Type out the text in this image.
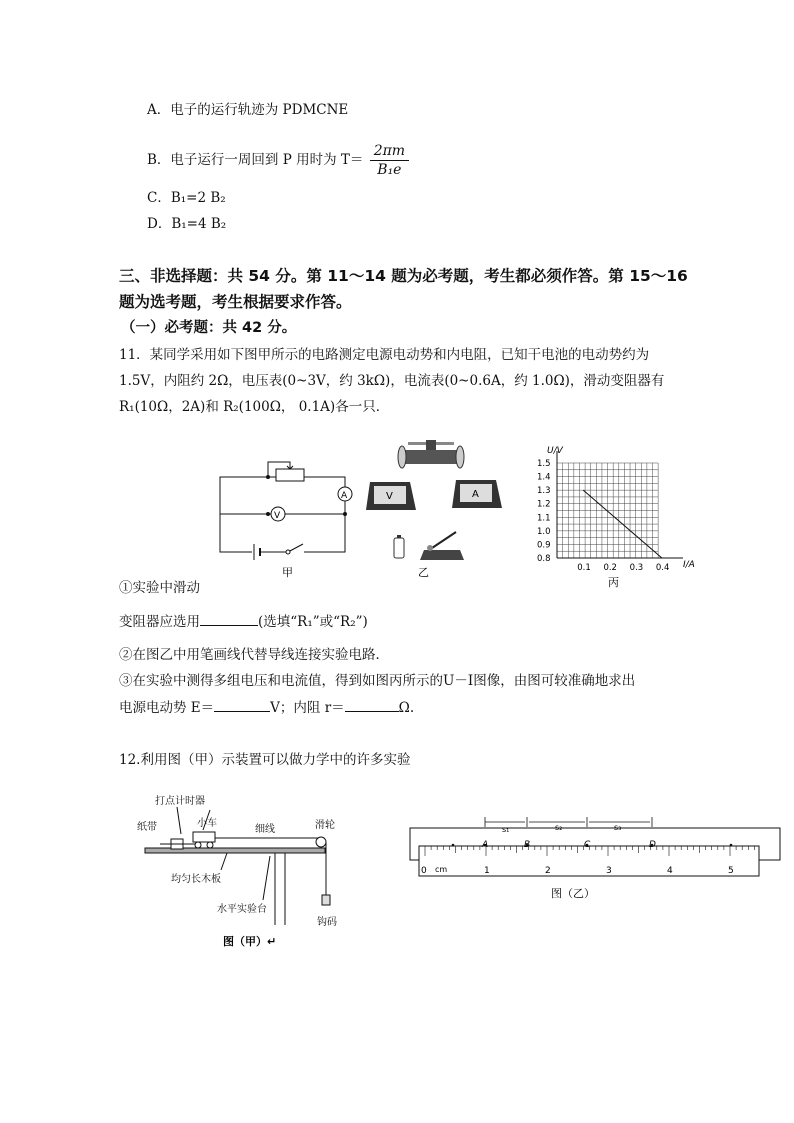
A．电子的运行轨迹为 PDMCNE
B．电子运行一周回到 P 用时为 $T= \frac{2\pi m}{\text{B₁e}}$
C．B₁=2 B₂
D．B₁=4 B₂
三、非选择题：共 54 分。第 11～14 题为必考题，考生都必须作答。第 15～16
题为选考题，考生根据要求作答。
（一）必考题：共 42 分。
11．某同学采用如下图甲所示的电路测定电源电动势和内电阻，已知干电池的电动势约为
1.5V，内阻约 2Ω，电压表(0~3V，约 3kΩ)，电流表(0~0.6A，约 1.0Ω)，滑动变阻器有
R₁(10Ω，2A)和 R₂(100Ω， 0.1A)各一只．
A
V
甲
V	A
乙
1.5
1.4
1.3
1.2
1.1
1.0
0.9
0.8
0.1 0.2 0.3 0.4
U/V
I/A
丙
①实验中滑动
变阻器应选用	(选填“R₁”或“R₂”)
②在图乙中用笔画线代替导线连接实验电路．
③在实验中测得多组电压和电流值，得到如图丙所示的U－I图像，由图可较准确地求出
电源电动势 E＝	V；内阻 r＝	Ω.
12.利用图（甲）示装置可以做力学中的许多实验
打点计时器
纸带	小车
细线	滑轮
均匀长木板
水平实验台
钩码
图（甲）↵
0	1	2	3	4	5
A	B	C	D
s₁	s₂	s₃
cm
图（乙）
